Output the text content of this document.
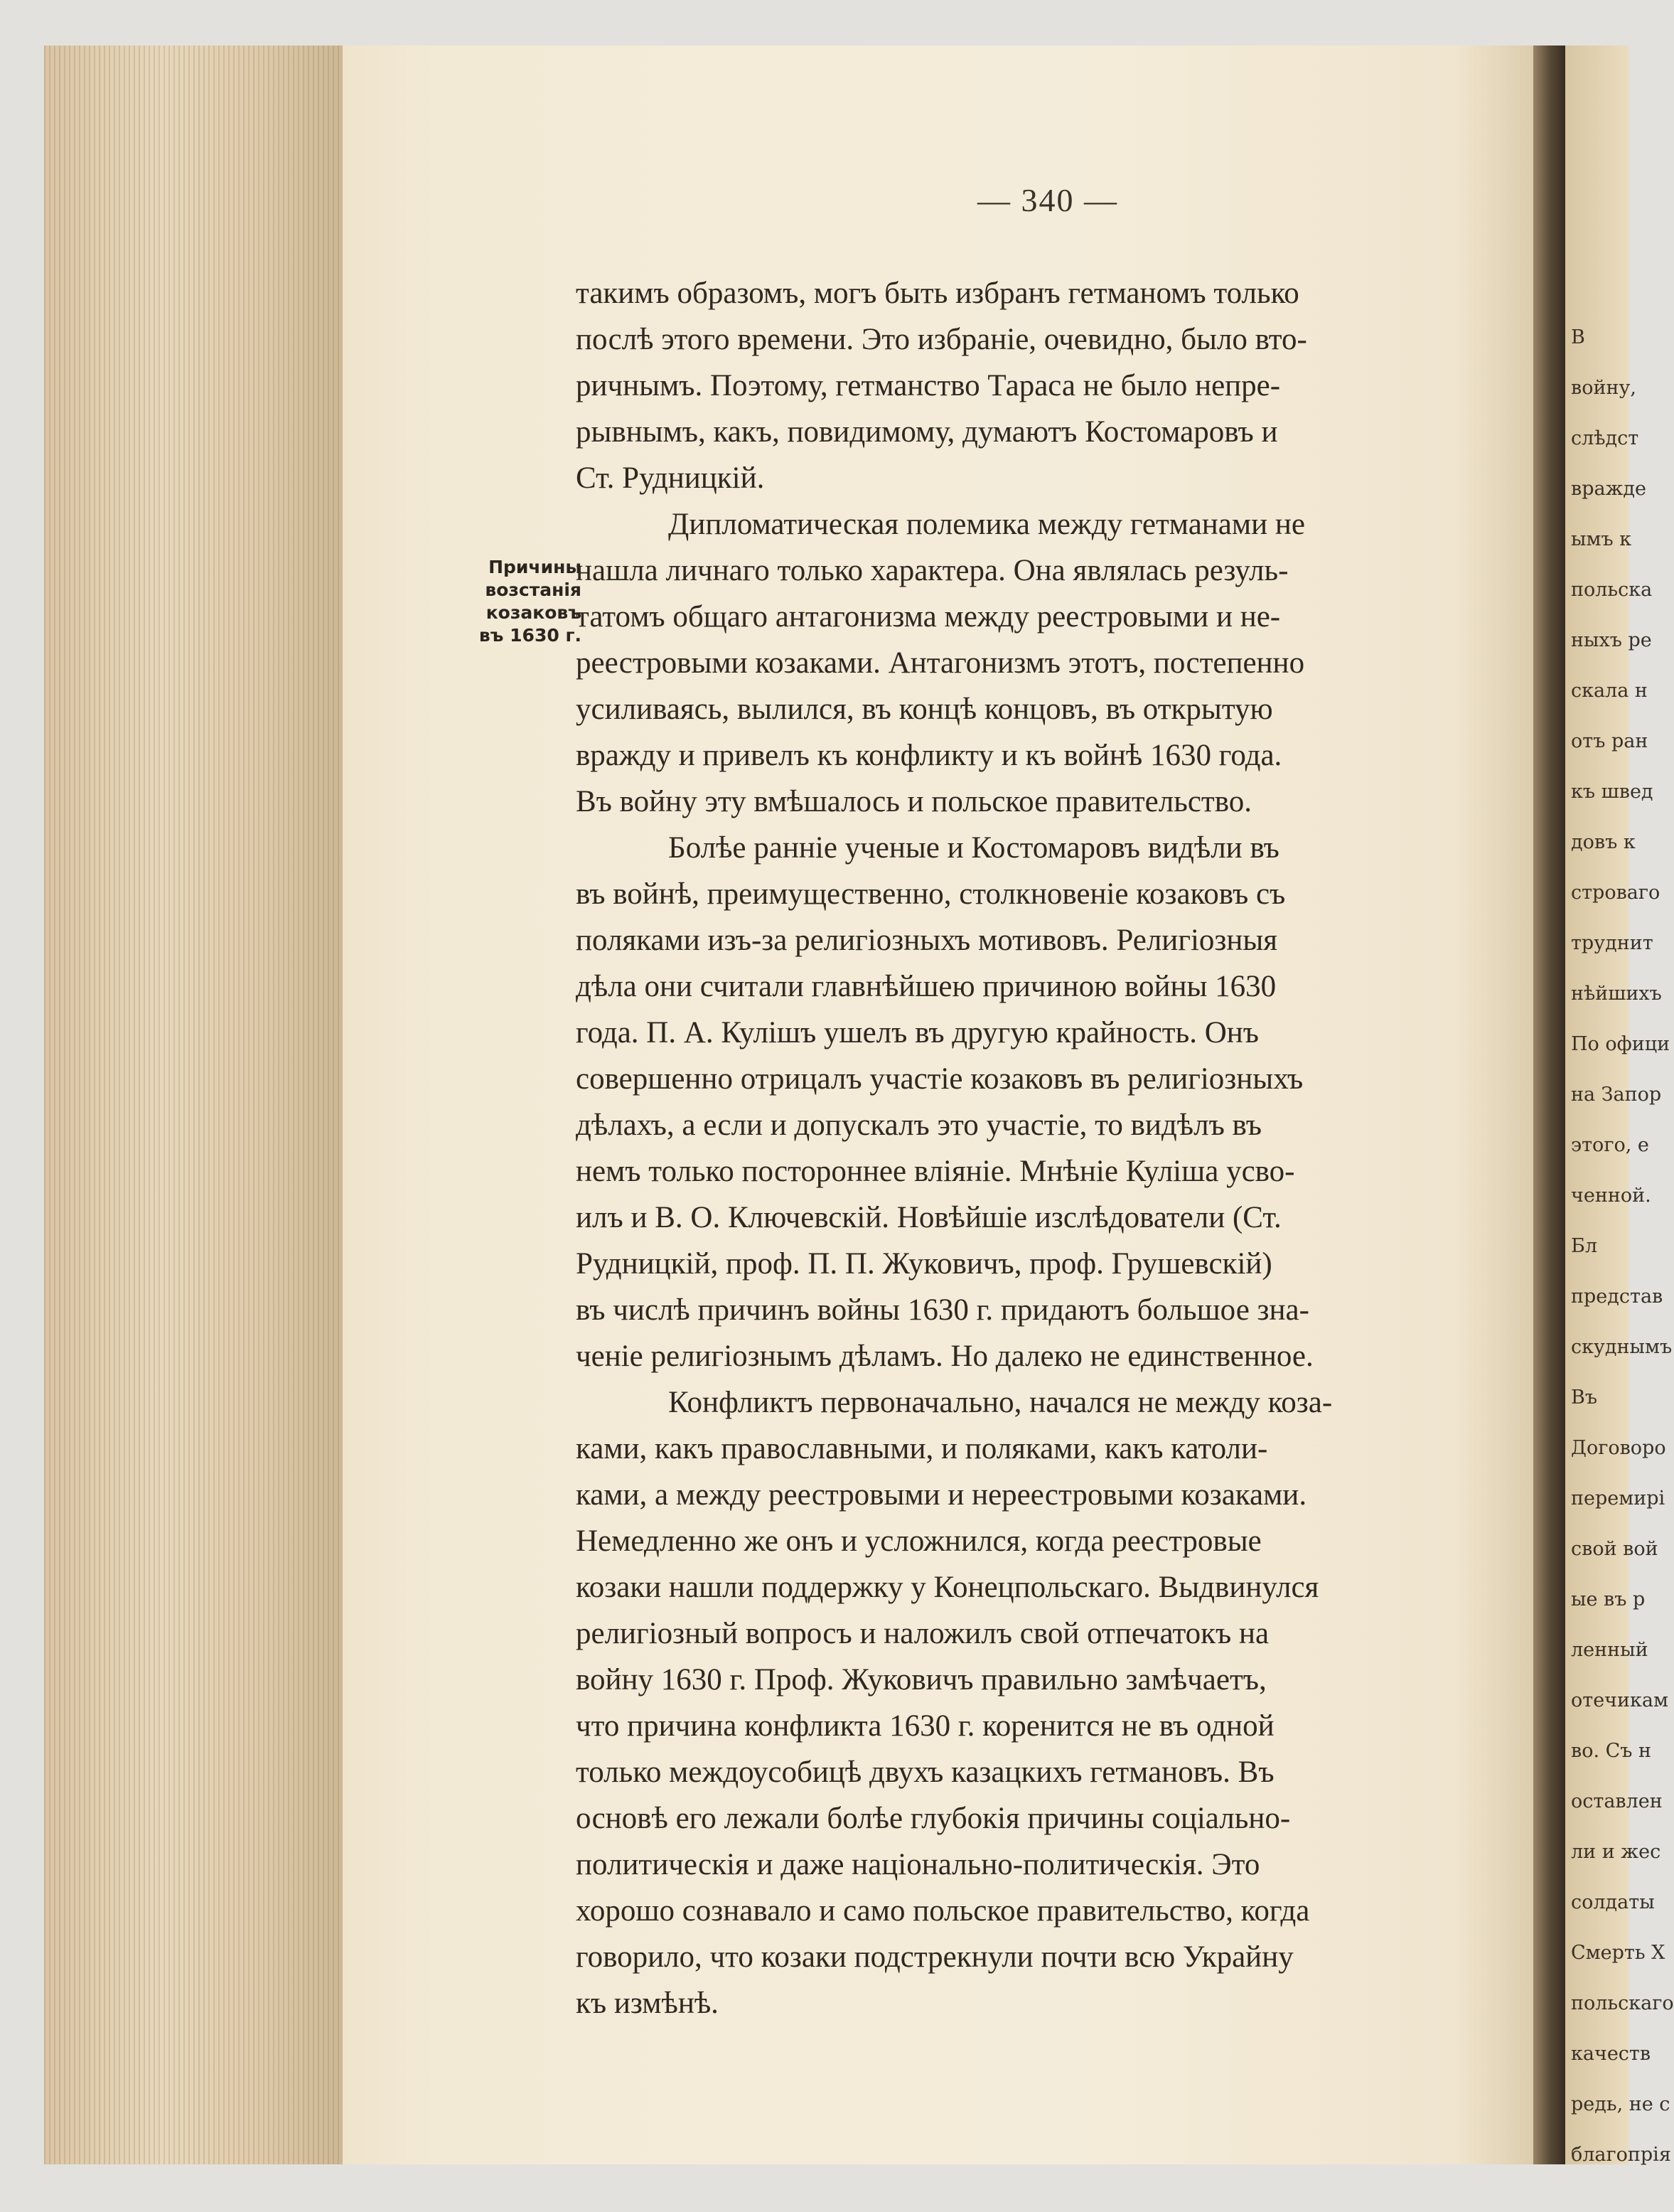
В
войну,
слѣдст
вражде
ымъ к
польска
ныхъ ре
скала н
отъ ран
къ швед
довъ к
строваго
труднит
нѣйшихъ
По офици
на Запор
этого, е
ченной.
Бл
представ
скуднымъ
Въ
Договоро
перемирі
свой вой
ые въ р
ленный
отечикам
во. Съ н
оставлен
ли и жес
солдаты
Смерть Х
польскаго
качеств
редь, не с
благопрія
— 340 —
Причины
возстанія
козаковъ
въ 1630 г.
такимъ образомъ, могъ быть избранъ гетманомъ только
послѣ этого времени. Это избраніе, очевидно, было вто-
ричнымъ. Поэтому, гетманство Тараса не было непре-
рывнымъ, какъ, повидимому, думаютъ Костомаровъ и
Ст. Рудницкій.
Дипломатическая полемика между гетманами не
нашла личнаго только характера. Она являлась резуль-
татомъ общаго антагонизма между реестровыми и не-
реестровыми козаками. Антагонизмъ этотъ, постепенно
усиливаясь, вылился, въ концѣ концовъ, въ открытую
вражду и привелъ къ конфликту и къ войнѣ 1630 года.
Въ войну эту вмѣшалось и польское правительство.
Болѣе ранніе ученые и Костомаровъ видѣли въ
въ войнѣ, преимущественно, столкновеніе козаковъ съ
поляками изъ-за религіозныхъ мотивовъ. Религіозныя
дѣла они считали главнѣйшею причиною войны 1630
года. П. А. Кулішъ ушелъ въ другую крайность. Онъ
совершенно отрицалъ участіе козаковъ въ религіозныхъ
дѣлахъ, а если и допускалъ это участіе, то видѣлъ въ
немъ только постороннее вліяніе. Мнѣніе Куліша усво-
илъ и В. О. Ключевскій. Новѣйшіе изслѣдователи (Ст.
Рудницкій, проф. П. П. Жуковичъ, проф. Грушевскій)
въ числѣ причинъ войны 1630 г. придаютъ большое зна-
ченіе религіознымъ дѣламъ. Но далеко не единственное.
Конфликтъ первоначально, начался не между коза-
ками, какъ православными, и поляками, какъ католи-
ками, а между реестровыми и нереестровыми козаками.
Немедленно же онъ и усложнился, когда реестровые
козаки нашли поддержку у Конецпольскаго. Выдвинулся
религіозный вопросъ и наложилъ свой отпечатокъ на
войну 1630 г. Проф. Жуковичъ правильно замѣчаетъ,
что причина конфликта 1630 г. коренится не въ одной
только междоусобицѣ двухъ казацкихъ гетмановъ. Въ
основѣ его лежали болѣе глубокія причины соціально-
политическія и даже національно-политическія. Это
хорошо сознавало и само польское правительство, когда
говорило, что козаки подстрекнули почти всю Украйну
къ измѣнѣ.
